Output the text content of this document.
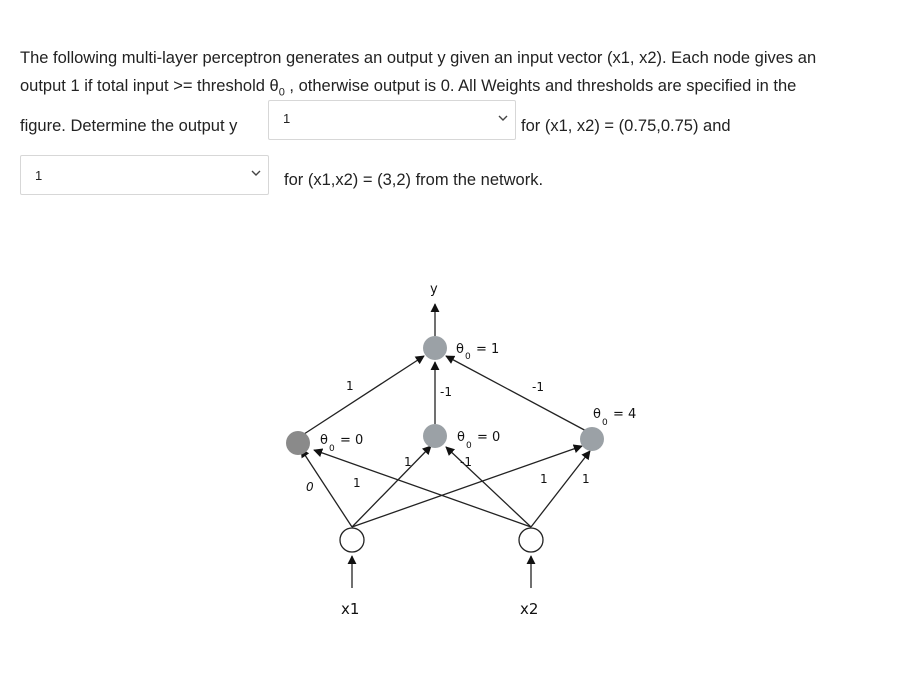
The following multi-layer perceptron generates an output y given an input vector (x1, x2). Each node gives an
output 1 if total input >= threshold $\theta_0$ , otherwise output is 0. All Weights and thresholds are specified in the
figure. Determine the output y	1	for (x1, x2) = (0.75,0.75) and
1	for (x1,x2) = (3,2) from the network.
y
x1	x2
θ 0 = 1
θ
0
= 0	θ
0
= 0
θ
0
= 4
1	-1	-1
1
1	-1
1	1
0
